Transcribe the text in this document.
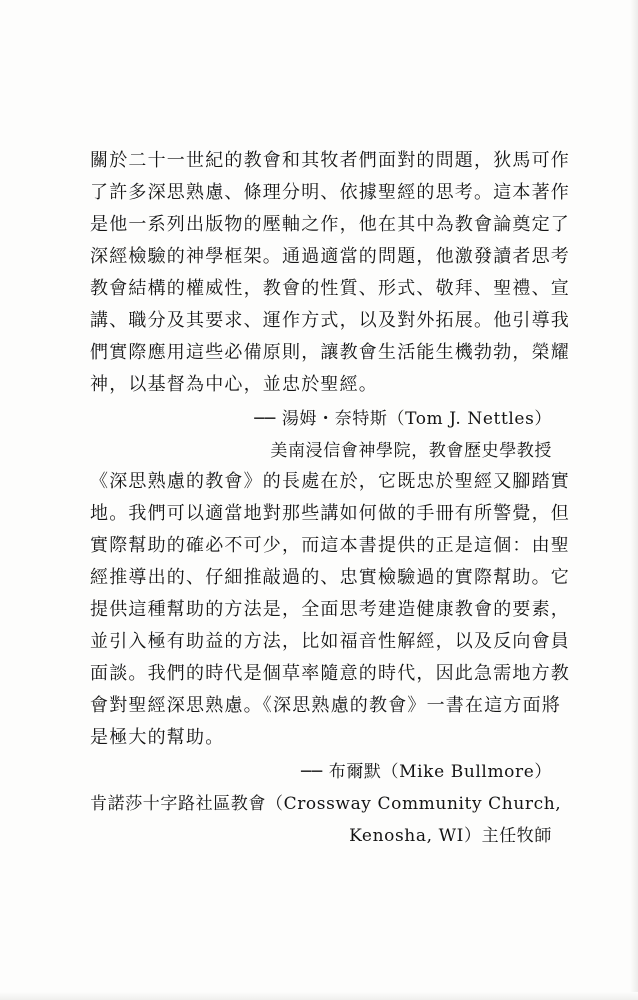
關於二十一世紀的教會和其牧者們面對的問題，狄馬可作
了許多深思熟慮、條理分明、依據聖經的思考。這本著作
是他一系列出版物的壓軸之作，他在其中為教會論奠定了
深經檢驗的神學框架。通過適當的問題，他激發讀者思考
教會結構的權威性，教會的性質、形式、敬拜、聖禮、宣
講、職分及其要求、運作方式，以及對外拓展。他引導我
們實際應用這些必備原則，讓教會生活能生機勃勃，榮耀
神，以基督為中心，並忠於聖經。
── 湯姆・奈特斯（Tom J. Nettles）
美南浸信會神學院，教會歷史學教授
《深思熟慮的教會》的長處在於，它既忠於聖經又腳踏實
地。我們可以適當地對那些講如何做的手冊有所警覺，但
實際幫助的確必不可少，而這本書提供的正是這個：由聖
經推導出的、仔細推敲過的、忠實檢驗過的實際幫助。它
提供這種幫助的方法是，全面思考建造健康教會的要素，
並引入極有助益的方法，比如福音性解經，以及反向會員
面談。我們的時代是個草率隨意的時代，因此急需地方教
會對聖經深思熟慮。《深思熟慮的教會》一書在這方面將
是極大的幫助。
── 布爾默（Mike Bullmore）
肯諾莎十字路社區教會（Crossway Community Church,
Kenosha, WI）主任牧師
